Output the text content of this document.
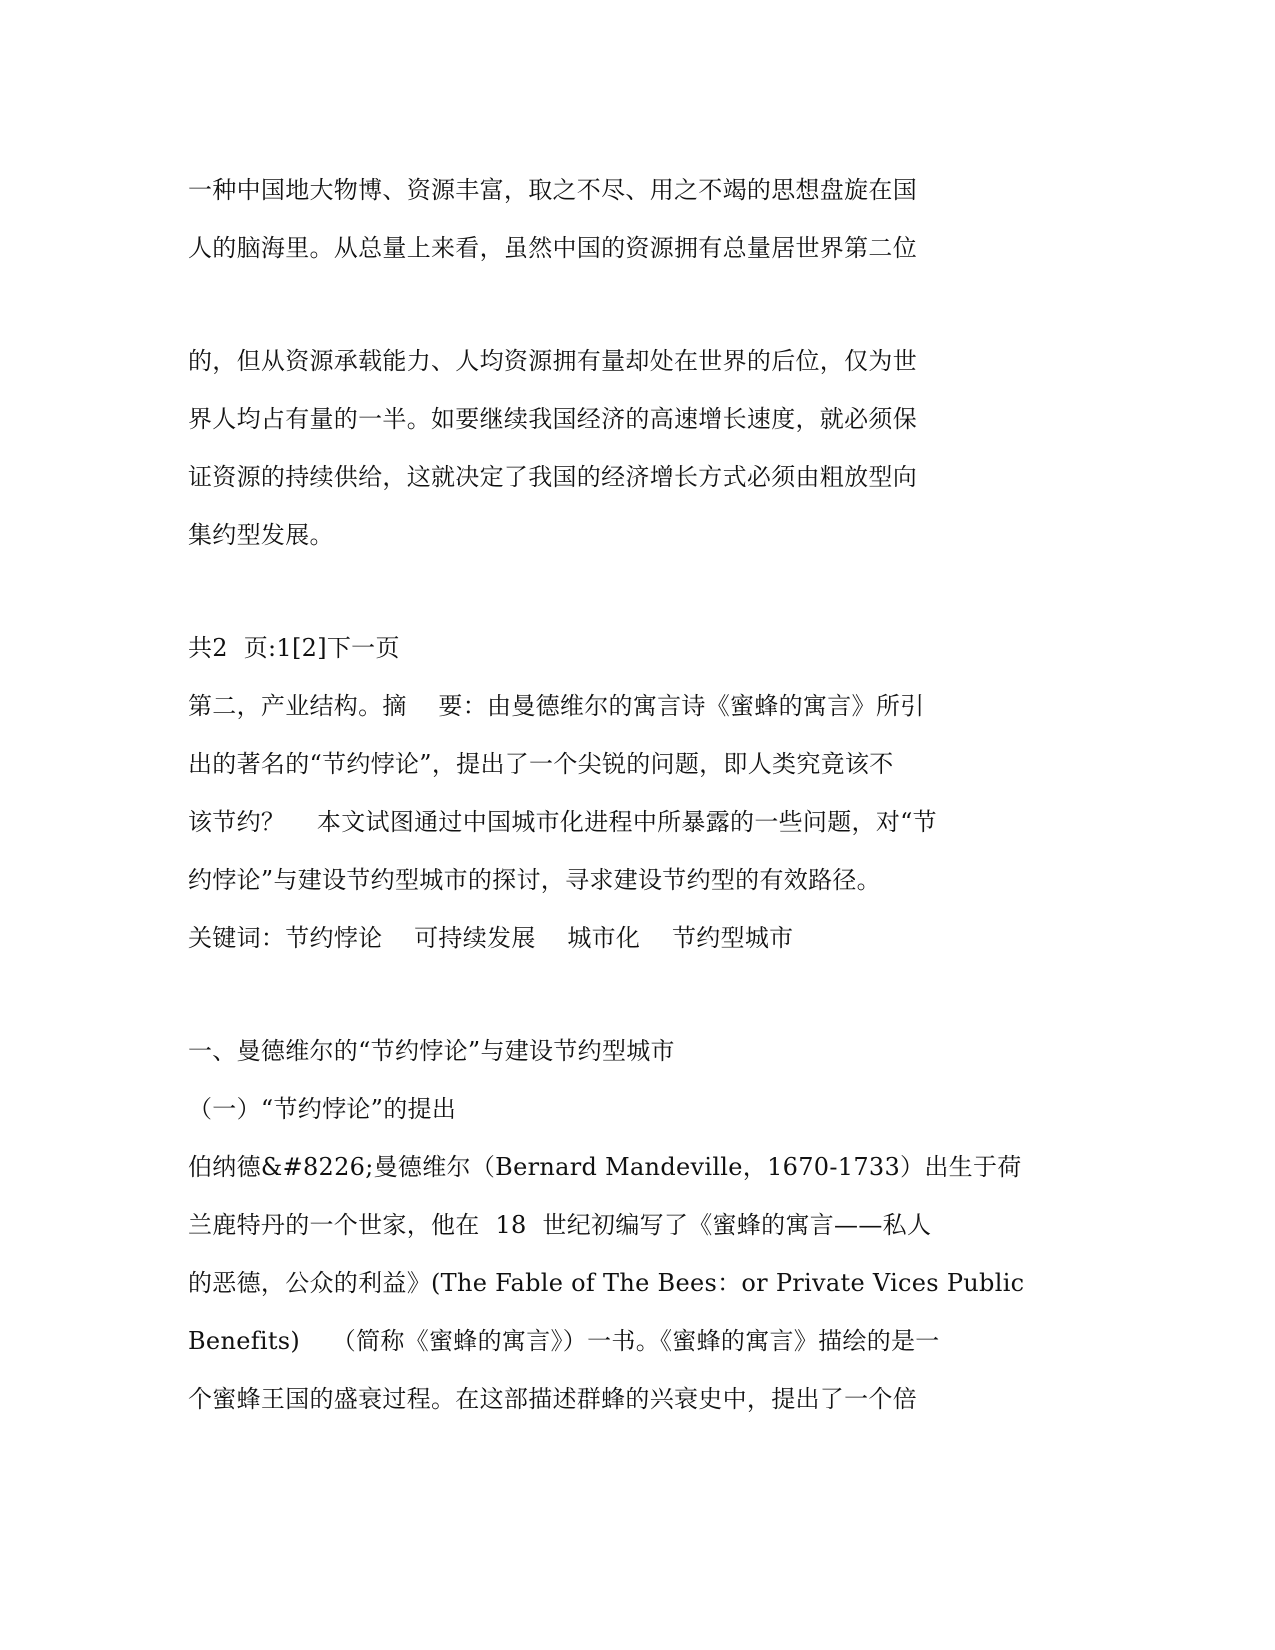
一种中国地大物博、资源丰富，取之不尽、用之不竭的思想盘旋在国

人的脑海里。从总量上来看，虽然中国的资源拥有总量居世界第二位

的，但从资源承载能力、人均资源拥有量却处在世界的后位，仅为世

界人均占有量的一半。如要继续我国经济的高速增长速度，就必须保

证资源的持续供给，这就决定了我国的经济增长方式必须由粗放型向

集约型发展。

共2  页:1[2]下一页

第二，产业结构。摘    要：由曼德维尔的寓言诗《蜜蜂的寓言》所引

出的著名的“节约悖论”，提出了一个尖锐的问题，即人类究竟该不

该节约？    本文试图通过中国城市化进程中所暴露的一些问题，对“节

约悖论”与建设节约型城市的探讨，寻求建设节约型的有效路径。

关键词：节约悖论    可持续发展    城市化    节约型城市

一、曼德维尔的“节约悖论”与建设节约型城市

（一）“节约悖论”的提出

伯纳德&#8226;曼德维尔（Bernard Mandeville，1670-1733）出生于荷

兰鹿特丹的一个世家，他在  18  世纪初编写了《蜜蜂的寓言——私人

的恶德，公众的利益》(The Fable of The Bees：or Private Vices Public

Benefits)    （简称《蜜蜂的寓言》）一书。《蜜蜂的寓言》描绘的是一

个蜜蜂王国的盛衰过程。在这部描述群蜂的兴衰史中，提出了一个倍
